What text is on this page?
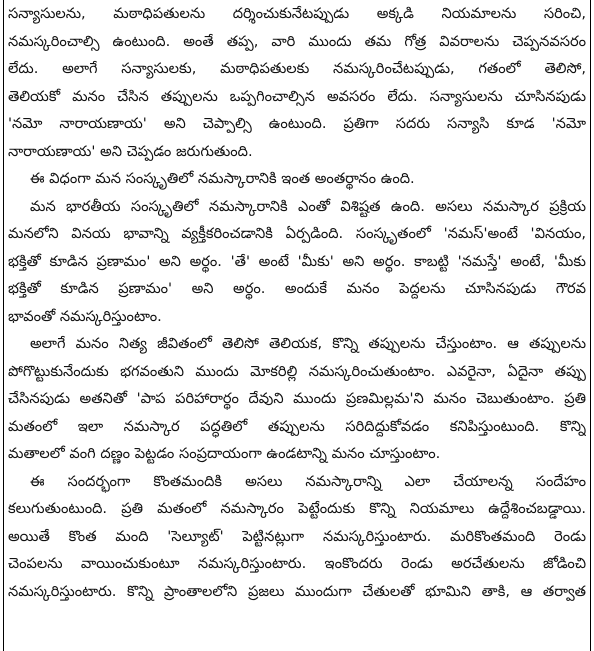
సన్యాసులను, మఠాధిపతులను దర్శించుకునేటప్పుడు అక్కడి నియమాలను సరించి,
నమస్కరించాల్సి ఉంటుంది. అంతే తప్ప, వారి ముందు తమ గోత్ర వివరాలను చెప్పనవసరం
లేదు. అలాగే సన్యాసులకు, మఠాధిపతులకు నమస్కరించేటప్పుడు, గతంలో తెలిసో,
తెలియకో మనం చేసిన తప్పులను ఒప్పగించాల్సిన అవసరం లేదు. సన్యాసులను చూసినపుడు
'నమో నారాయణాయ' అని చెప్పాల్సి ఉంటుంది. ప్రతిగా సదరు సన్యాసి కూడ 'నమో
నారాయణాయ' అని చెప్పడం జరుగుతుంది.
ఈ విధంగా మన సంస్కృతిలో నమస్కారానికి ఇంత అంతర్థానం ఉంది.
మన భారతీయ సంస్కృతిలో నమస్కారానికి ఎంతో విశిష్టత ఉంది. అసలు నమస్కార ప్రక్రియ
మనలోని వినయ భావాన్ని వ్యక్తీకరించడానికి ఏర్పడింది. సంస్కృతంలో 'నమస్'అంటే 'వినయం,
భక్తితో కూడిన ప్రణామం' అని అర్థం. 'తే' అంటే 'మీకు' అని అర్థం. కాబట్టి 'నమస్తే' అంటే, 'మీకు
భక్తితో కూడిన ప్రణామం' అని అర్థం. అందుకే మనం పెద్దలను చూసినపుడు గౌరవ
భావంతో నమస్కరిస్తుంటాం.
అలాగే మనం నిత్య జీవితంలో తెలిసో తెలియక, కొన్ని తప్పులను చేస్తుంటాం. ఆ తప్పులను
పోగొట్టుకునేందుకు భగవంతుని ముందు మోకరిల్లి నమస్కరించుతుంటాం. ఎవరైనా, ఏదైనా తప్పు
చేసినపుడు అతనితో 'పాప పరిహారార్థం దేవుని ముందు ప్రణమిల్లమ'ని మనం చెబుతుంటాం. ప్రతి
మతంలో ఇలా నమస్కార పద్ధతిలో తప్పులను సరిదిద్దుకోవడం కనిపిస్తుంటుంది. కొన్ని
మతాలలో వంగి దణ్ణం పెట్టడం సంప్రదాయంగా ఉండటాన్ని మనం చూస్తుంటాం.
ఈ సందర్భంగా కొంతమందికి అసలు నమస్కారాన్ని ఎలా చేయాలన్న సందేహం
కలుగుతుంటుంది. ప్రతి మతంలో నమస్కారం పెట్టేందుకు కొన్ని నియమాలు ఉద్దేశించబడ్డాయి.
అయితే కొంత మంది 'సెల్యూట్' పెట్టినట్లుగా నమస్కరిస్తుంటారు. మరికొంతమంది రెండు
చెంపలను వాయించుకుంటూ నమస్కరిస్తుంటారు. ఇంకొందరు రెండు అరచేతులను జోడించి
నమస్కరిస్తుంటారు. కొన్ని ప్రాంతాలలోని ప్రజలు ముందుగా చేతులతో భూమిని తాకి, ఆ తర్వాత
